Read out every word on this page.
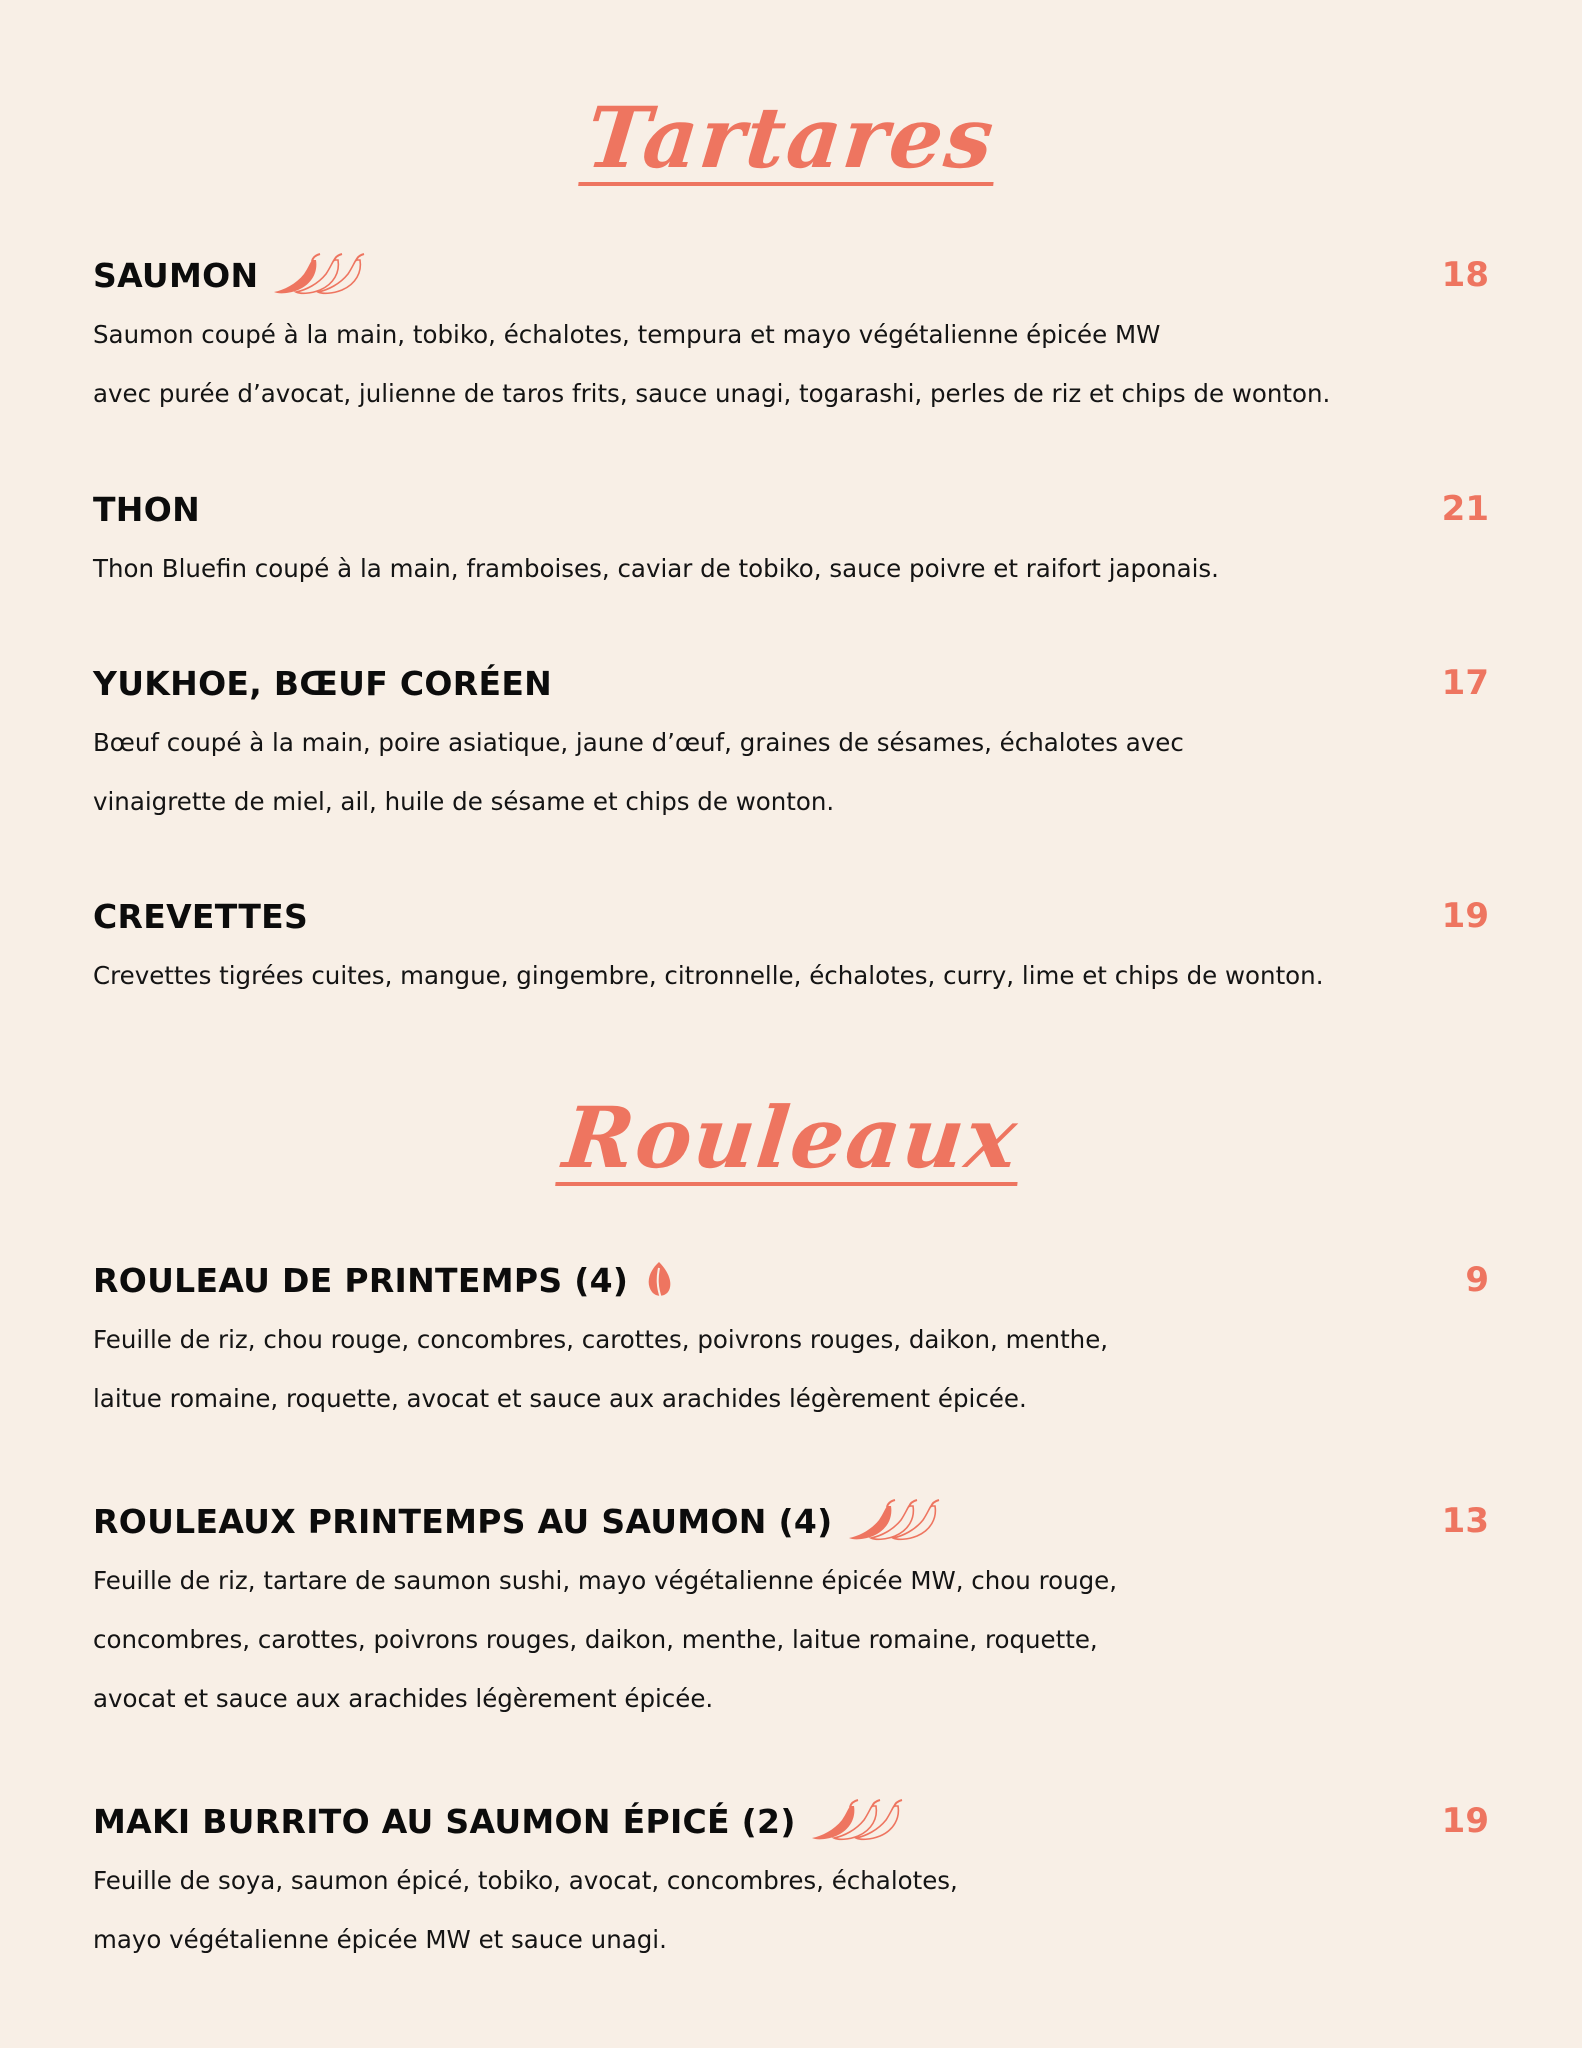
Tartares
SAUMON	18
Saumon coupé à la main, tobiko, échalotes, tempura et mayo végétalienne épicée MW
avec purée d’avocat, julienne de taros frits, sauce unagi, togarashi, perles de riz et chips de wonton.
THON	21
Thon Bluefin coupé à la main, framboises, caviar de tobiko, sauce poivre et raifort japonais.
YUKHOE, BŒUF CORÉEN	17
Bœuf coupé à la main, poire asiatique, jaune d’œuf, graines de sésames, échalotes avec
vinaigrette de miel, ail, huile de sésame et chips de wonton.
CREVETTES	19
Crevettes tigrées cuites, mangue, gingembre, citronnelle, échalotes, curry, lime et chips de wonton.
Rouleaux
ROULEAU DE PRINTEMPS (4)	9
Feuille de riz, chou rouge, concombres, carottes, poivrons rouges, daikon, menthe,
laitue romaine, roquette, avocat et sauce aux arachides légèrement épicée.
ROULEAUX PRINTEMPS AU SAUMON (4)	13
Feuille de riz, tartare de saumon sushi, mayo végétalienne épicée MW, chou rouge,
concombres, carottes, poivrons rouges, daikon, menthe, laitue romaine, roquette,
avocat et sauce aux arachides légèrement épicée.
MAKI BURRITO AU SAUMON ÉPICÉ (2)	19
Feuille de soya, saumon épicé, tobiko, avocat, concombres, échalotes,
mayo végétalienne épicée MW et sauce unagi.
